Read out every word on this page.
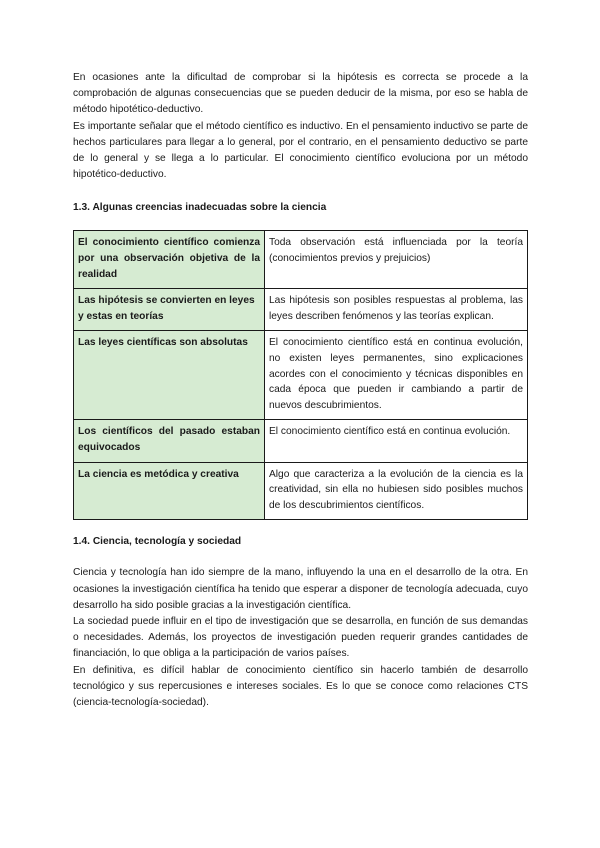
En ocasiones ante la dificultad de comprobar si la hipótesis es correcta se procede a la comprobación de algunas consecuencias que se pueden deducir de la misma, por eso se habla de método hipotético-deductivo.

Es importante señalar que el método científico es inductivo. En el pensamiento inductivo se parte de hechos particulares para llegar a lo general, por el contrario, en el pensamiento deductivo se parte de lo general y se llega a lo particular. El conocimiento científico evoluciona por un método hipotético-deductivo.

1.3. Algunas creencias inadecuadas sobre la ciencia
El conocimiento científico comienza por una observación objetiva de la realidad	Toda observación está influenciada por la teoría (conocimientos previos y prejuicios)
Las hipótesis se convierten en leyes y estas en teorías	Las hipótesis son posibles respuestas al problema, las leyes describen fenómenos y las teorías explican.
Las leyes científicas son absolutas	El conocimiento científico está en continua evolución, no existen leyes permanentes, sino explicaciones acordes con el conocimiento y técnicas disponibles en cada época que pueden ir cambiando a partir de nuevos descubrimientos.
Los científicos del pasado estaban equivocados	El conocimiento científico está en continua evolución.
La ciencia es metódica y creativa	Algo que caracteriza a la evolución de la ciencia es la creatividad, sin ella no hubiesen sido posibles muchos de los descubrimientos científicos.
1.4. Ciencia, tecnología y sociedad

Ciencia y tecnología han ido siempre de la mano, influyendo la una en el desarrollo de la otra. En ocasiones la investigación científica ha tenido que esperar a disponer de tecnología adecuada, cuyo desarrollo ha sido posible gracias a la investigación científica.

La sociedad puede influir en el tipo de investigación que se desarrolla, en función de sus demandas o necesidades. Además, los proyectos de investigación pueden requerir grandes cantidades de financiación, lo que obliga a la participación de varios países.

En definitiva, es difícil hablar de conocimiento científico sin hacerlo también de desarrollo tecnológico y sus repercusiones e intereses sociales. Es lo que se conoce como relaciones CTS (ciencia-tecnología-sociedad).
